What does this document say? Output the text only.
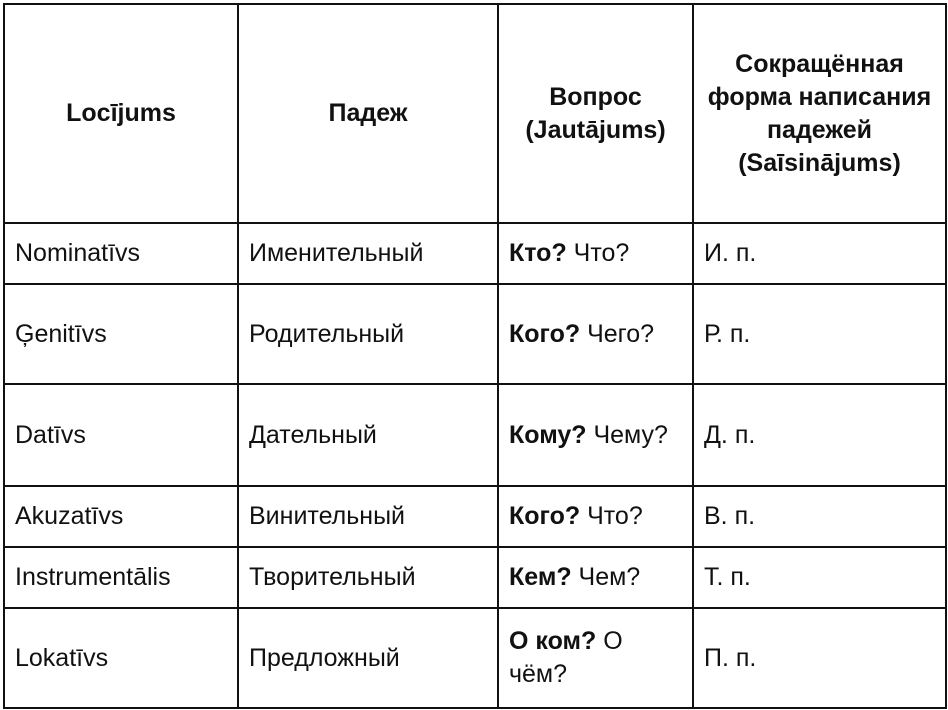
Locījums	Падеж	Вопрос (Jautājums)	Сокращённая форма написания падежей (Saīsinājums)
Nominatīvs	Именительный	Кто? Что?	И. п.
Ģenitīvs	Родительный	Кого? Чего?	Р. п.
Datīvs	Дательный	Кому? Чему?	Д. п.
Akuzatīvs	Винительный	Кого? Что?	В. п.
Instrumentālis	Творительный	Кем? Чем?	Т. п.
Lokatīvs	Предложный	О ком? О чём?	П. п.
